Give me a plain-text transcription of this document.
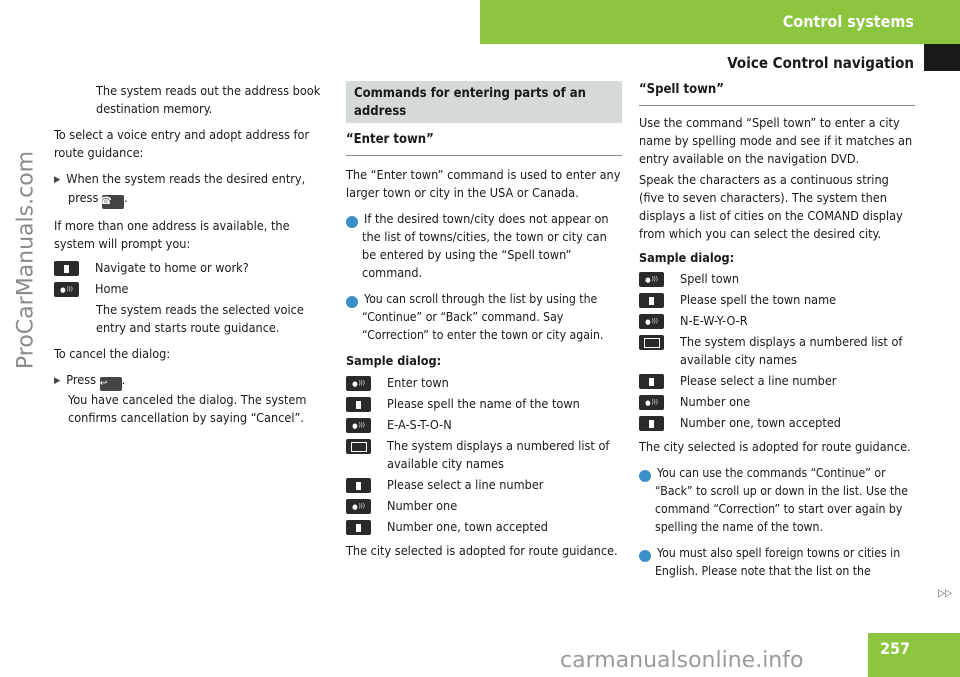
Control systems
Voice Control navigation
ProCarManuals.com

The system reads out the address book destination memory.

To select a voice entry and adopt address for route guidance:

▶ When the system reads the desired entry, press ☎ .

If more than one address is available, the system will prompt you:

Navigate to home or work?
● )))
Home

The system reads the selected voice entry and starts route guidance.

To cancel the dialog:

▶ Press ↩ .
You have canceled the dialog. The system confirms cancellation by saying “Cancel”.

Commands for entering parts of an address
“Enter town”

The “Enter town” command is used to enter any larger town or city in the USA or Canada.

i If the desired town/city does not appear on the list of towns/cities, the town or city can be entered by using the “Spell town” command.

i You can scroll through the list by using the “Continue” or “Back” command. Say “Correction” to enter the town or city again.

Sample dialog:

● )))
Enter town
Please spell the name of the town
● )))
E-A-S-T-O-N
The system displays a numbered list of available city names
Please select a line number
● )))
Number one
Number one, town accepted

The city selected is adopted for route guidance.

“Spell town”

Use the command “Spell town” to enter a city name by spelling mode and see if it matches an entry available on the navigation DVD.

Speak the characters as a continuous string (five to seven characters). The system then displays a list of cities on the COMAND display from which you can select the desired city.

Sample dialog:

● )))
Spell town
Please spell the town name
● )))
N-E-W-Y-O-R
The system displays a numbered list of available city names
Please select a line number
● )))
Number one
Number one, town accepted

The city selected is adopted for route guidance.

i You can use the commands “Continue” or “Back” to scroll up or down in the list. Use the command “Correction” to start over again by spelling the name of the town.

i You must also spell foreign towns or cities in English. Please note that the list on the

▷▷
257
carmanualsonline.info
